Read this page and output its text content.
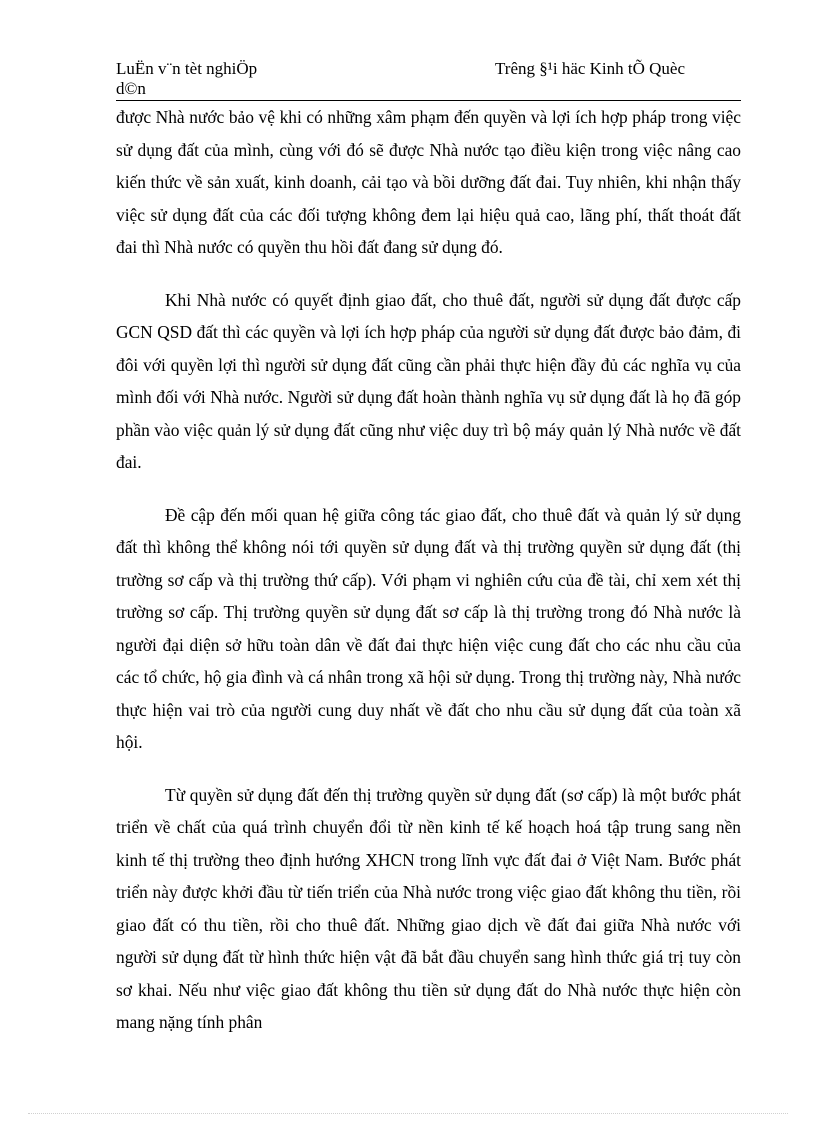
LuËn v¨n tèt nghiÖp
d©n
Trêng §¹i häc Kinh tÕ Quèc

được Nhà nước bảo vệ khi có những xâm phạm đến quyền và lợi ích hợp pháp trong việc sử dụng đất của mình, cùng với đó sẽ được Nhà nước tạo điều kiện trong việc nâng cao kiến thức về sản xuất, kinh doanh, cải tạo và bồi dưỡng đất đai. Tuy nhiên, khi nhận thấy việc sử dụng đất của các đối tượng không đem lại hiệu quả cao, lãng phí, thất thoát đất đai thì Nhà nước có quyền thu hồi đất đang sử dụng đó.

Khi Nhà nước có quyết định giao đất, cho thuê đất, người sử dụng đất được cấp GCN QSD đất thì các quyền và lợi ích hợp pháp của người sử dụng đất được bảo đảm, đi đôi với quyền lợi thì người sử dụng đất cũng cần phải thực hiện đầy đủ các nghĩa vụ của mình đối với Nhà nước. Người sử dụng đất hoàn thành nghĩa vụ sử dụng đất là họ đã góp phần vào việc quản lý sử dụng đất cũng như việc duy trì bộ máy quản lý Nhà nước về đất đai.

Đề cập đến mối quan hệ giữa công tác giao đất, cho thuê đất và quản lý sử dụng đất thì không thể không nói tới quyền sử dụng đất và thị trường quyền sử dụng đất (thị trường sơ cấp và thị trường thứ cấp). Với phạm vi nghiên cứu của đề tài, chỉ xem xét thị trường sơ cấp. Thị trường quyền sử dụng đất sơ cấp là thị trường trong đó Nhà nước là người đại diện sở hữu toàn dân về đất đai thực hiện việc cung đất cho các nhu cầu của các tổ chức, hộ gia đình và cá nhân trong xã hội sử dụng. Trong thị trường này, Nhà nước thực hiện vai trò của người cung duy nhất về đất cho nhu cầu sử dụng đất của toàn xã hội.

Từ quyền sử dụng đất đến thị trường quyền sử dụng đất (sơ cấp) là một bước phát triển về chất của quá trình chuyển đổi từ nền kinh tế kế hoạch hoá tập trung sang nền kinh tế thị trường theo định hướng XHCN trong lĩnh vực đất đai ở Việt Nam. Bước phát triển này được khởi đầu từ tiến triển của Nhà nước trong việc giao đất không thu tiền, rồi giao đất có thu tiền, rồi cho thuê đất. Những giao dịch về đất đai giữa Nhà nước với người sử dụng đất từ hình thức hiện vật đã bắt đầu chuyển sang hình thức giá trị tuy còn sơ khai. Nếu như việc giao đất không thu tiền sử dụng đất do Nhà nước thực hiện còn mang nặng tính phân
